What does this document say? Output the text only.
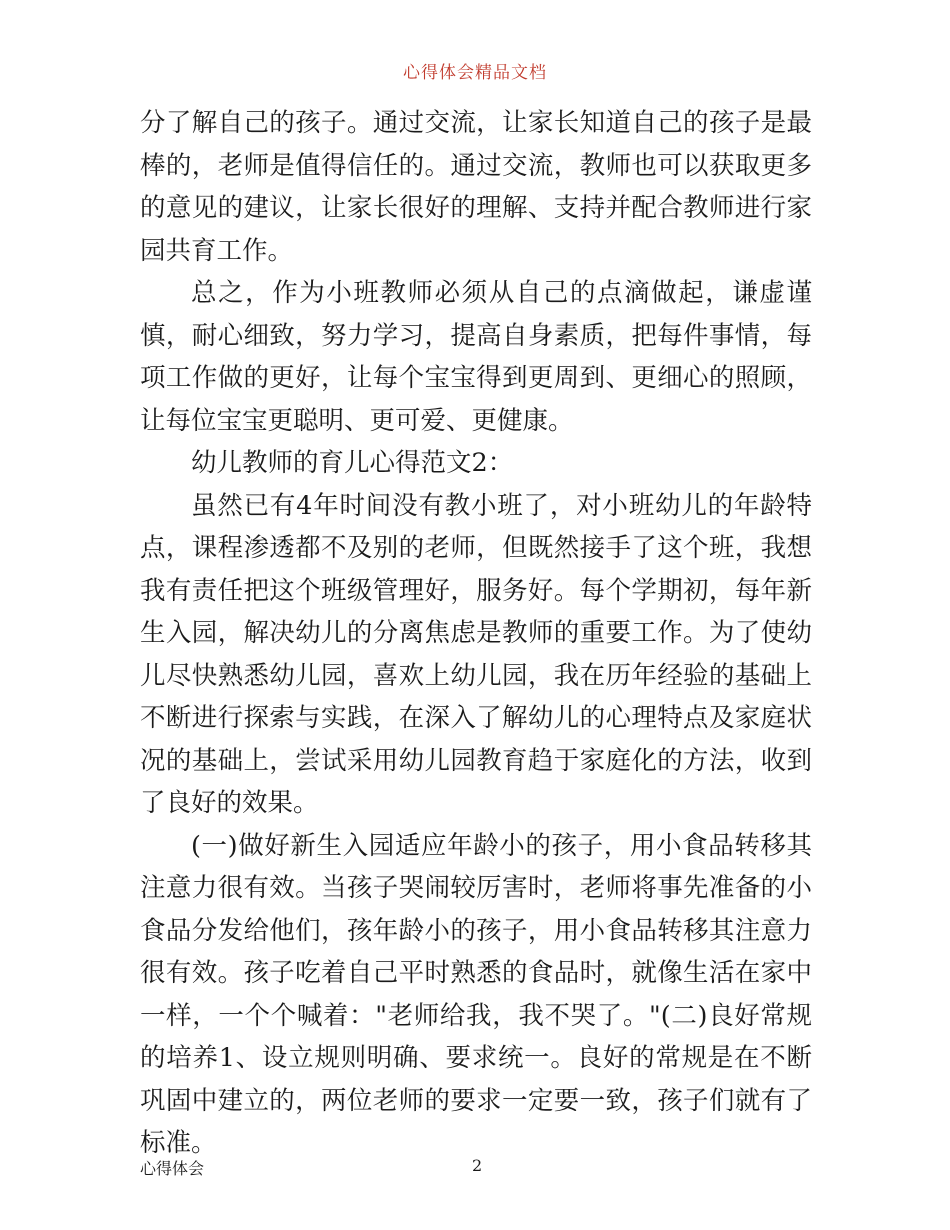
心得体会精品文档

分了解自己的孩子。通过交流，让家长知道自己的孩子是最棒的，老师是值得信任的。通过交流，教师也可以获取更多的意见的建议，让家长很好的理解、支持并配合教师进行家园共育工作。

总之，作为小班教师必须从自己的点滴做起，谦虚谨慎，耐心细致，努力学习，提高自身素质，把每件事情，每项工作做的更好，让每个宝宝得到更周到、更细心的照顾，让每位宝宝更聪明、更可爱、更健康。

幼儿教师的育儿心得范文2：

虽然已有4年时间没有教小班了，对小班幼儿的年龄特点，课程渗透都不及别的老师，但既然接手了这个班，我想我有责任把这个班级管理好，服务好。每个学期初，每年新生入园，解决幼儿的分离焦虑是教师的重要工作。为了使幼儿尽快熟悉幼儿园，喜欢上幼儿园，我在历年经验的基础上不断进行探索与实践，在深入了解幼儿的心理特点及家庭状况的基础上，尝试采用幼儿园教育趋于家庭化的方法，收到了良好的效果。

(一)做好新生入园适应年龄小的孩子，用小食品转移其注意力很有效。当孩子哭闹较厉害时，老师将事先准备的小食品分发给他们，孩年龄小的孩子，用小食品转移其注意力很有效。孩子吃着自己平时熟悉的食品时，就像生活在家中一样，一个个喊着："老师给我，我不哭了。"(二)良好常规的培养1、设立规则明确、要求统一。良好的常规是在不断巩固中建立的，两位老师的要求一定要一致，孩子们就有了标准。

心得体会	2
